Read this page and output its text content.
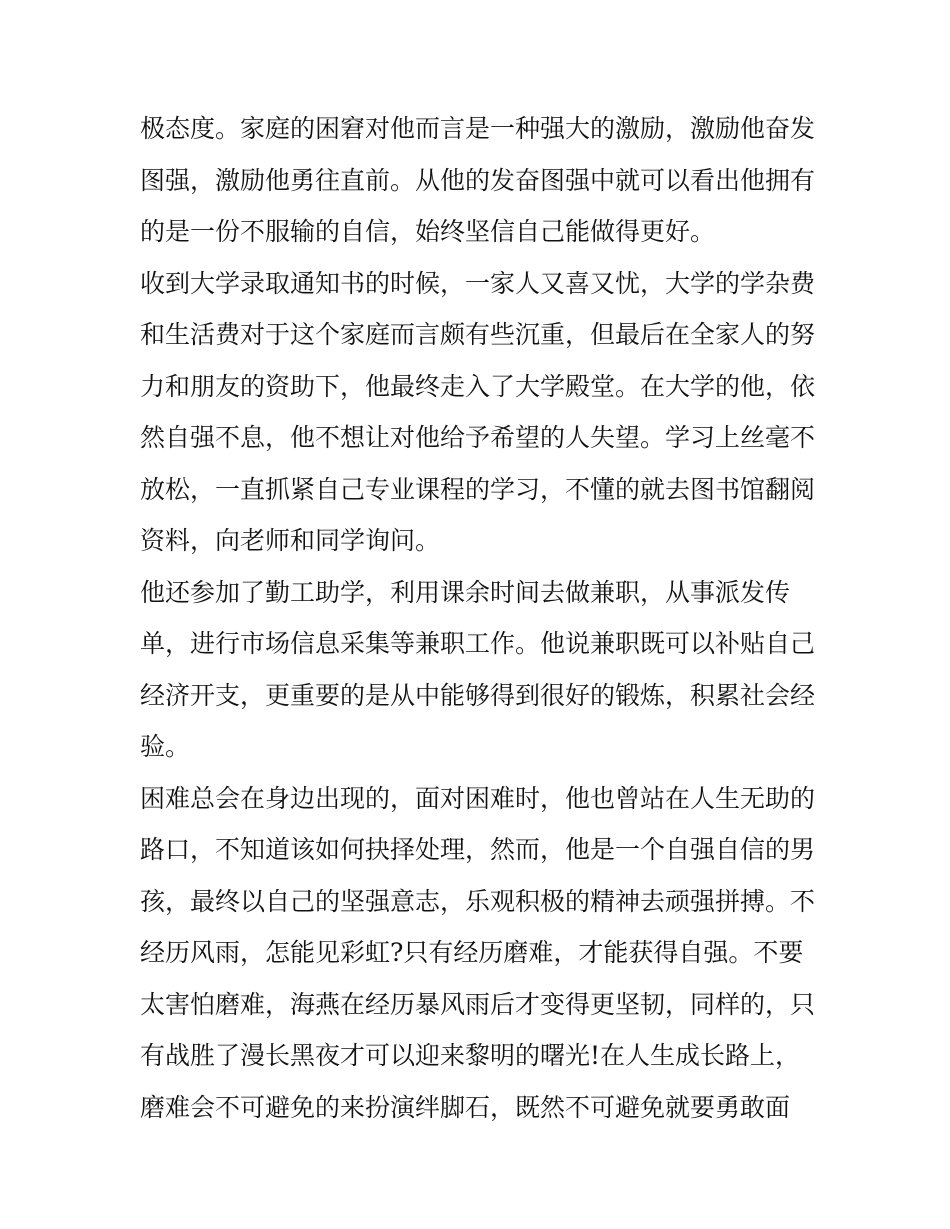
极态度。家庭的困窘对他而言是一种强大的激励，激励他奋发
图强，激励他勇往直前。从他的发奋图强中就可以看出他拥有
的是一份不服输的自信，始终坚信自己能做得更好。
收到大学录取通知书的时候，一家人又喜又忧，大学的学杂费
和生活费对于这个家庭而言颇有些沉重，但最后在全家人的努
力和朋友的资助下，他最终走入了大学殿堂。在大学的他，依
然自强不息，他不想让对他给予希望的人失望。学习上丝毫不
放松，一直抓紧自己专业课程的学习，不懂的就去图书馆翻阅
资料，向老师和同学询问。
他还参加了勤工助学，利用课余时间去做兼职，从事派发传
单，进行市场信息采集等兼职工作。他说兼职既可以补贴自己
经济开支，更重要的是从中能够得到很好的锻炼，积累社会经
验。
困难总会在身边出现的，面对困难时，他也曾站在人生无助的
路口，不知道该如何抉择处理，然而，他是一个自强自信的男
孩，最终以自己的坚强意志，乐观积极的精神去顽强拼搏。不
经历风雨，怎能见彩虹?只有经历磨难，才能获得自强。不要
太害怕磨难，海燕在经历暴风雨后才变得更坚韧，同样的，只
有战胜了漫长黑夜才可以迎来黎明的曙光!在人生成长路上，
磨难会不可避免的来扮演绊脚石，既然不可避免就要勇敢面
